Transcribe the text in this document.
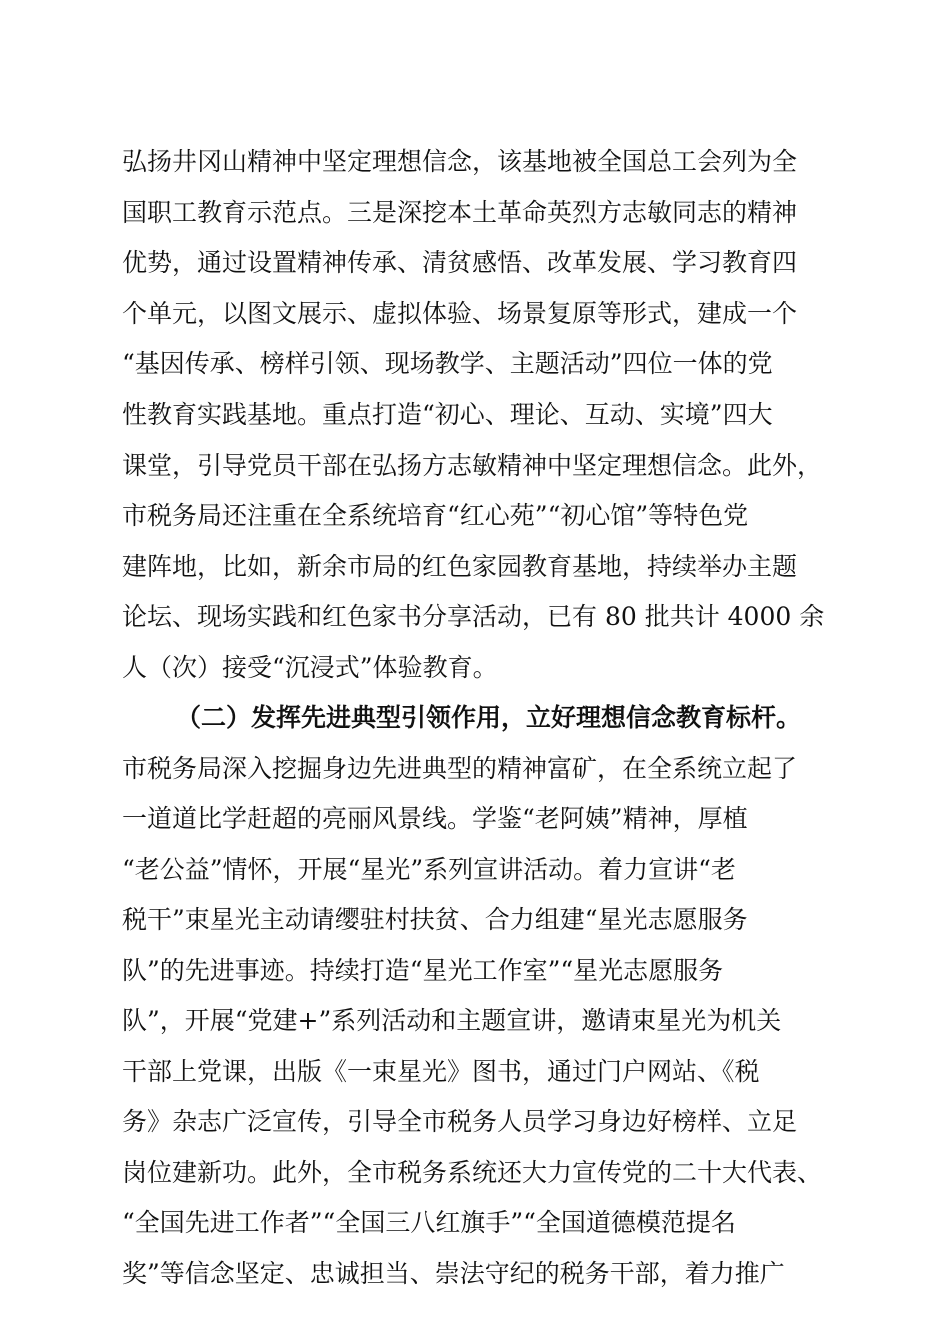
弘扬井冈山精神中坚定理想信念，该基地被全国总工会列为全
国职工教育示范点。三是深挖本土革命英烈方志敏同志的精神
优势，通过设置精神传承、清贫感悟、改革发展、学习教育四
个单元，以图文展示、虚拟体验、场景复原等形式，建成一个
“基因传承、榜样引领、现场教学、主题活动”四位一体的党
性教育实践基地。重点打造“初心、理论、互动、实境”四大
课堂，引导党员干部在弘扬方志敏精神中坚定理想信念。此外，
市税务局还注重在全系统培育“红心苑”“初心馆”等特色党
建阵地，比如，新余市局的红色家园教育基地，持续举办主题
论坛、现场实践和红色家书分享活动，已有 80 批共计 4000 余
人（次）接受“沉浸式”体验教育。
（二）发挥先进典型引领作用，立好理想信念教育标杆。
市税务局深入挖掘身边先进典型的精神富矿，在全系统立起了
一道道比学赶超的亮丽风景线。学鉴“老阿姨”精神，厚植
“老公益”情怀，开展“星光”系列宣讲活动。着力宣讲“老
税干”束星光主动请缨驻村扶贫、合力组建“星光志愿服务
队”的先进事迹。持续打造“星光工作室”“星光志愿服务
队”，开展“党建+”系列活动和主题宣讲，邀请束星光为机关
干部上党课，出版《一束星光》图书，通过门户网站、《税
务》杂志广泛宣传，引导全市税务人员学习身边好榜样、立足
岗位建新功。此外，全市税务系统还大力宣传党的二十大代表、
“全国先进工作者”“全国三八红旗手”“全国道德模范提名
奖”等信念坚定、忠诚担当、崇法守纪的税务干部，着力推广
